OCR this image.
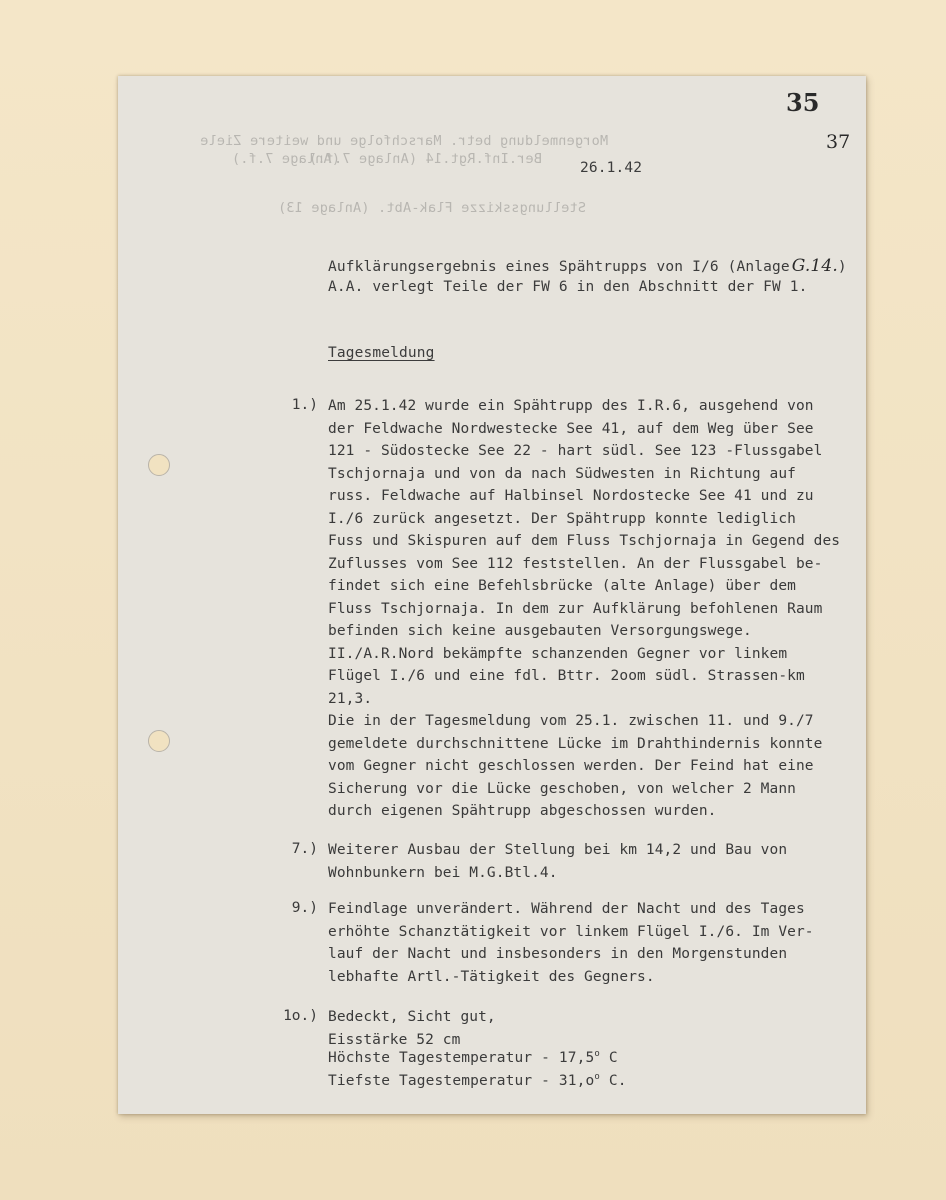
35
37
Morgenmeldung betr. Marschfolge und weitere Ziele
(Anlage 7.f.)
Ber.Inf.Rgt.14 (Anlage 7.f.)
Stellungsskizze Flak-Abt. (Anlage 13)
26.1.42
Aufklärungsergebnis eines Spähtrupps von I/6 (Anlage G.14.)
A.A. verlegt Teile der FW 6 in den Abschnitt der FW 1.
Tagesmeldung
1.) Am 25.1.42 wurde ein Spähtrupp des I.R.6, ausgehend von
der Feldwache Nordwestecke See 41, auf dem Weg über See
121 - Südostecke See 22 - hart südl. See 123 -Flussgabel
Tschjornaja und von da nach Südwesten in Richtung auf
russ. Feldwache auf Halbinsel Nordostecke See 41 und zu
I./6 zurück angesetzt. Der Spähtrupp konnte lediglich
Fuss und Skispuren auf dem Fluss Tschjornaja in Gegend des
Zuflusses vom See 112 feststellen. An der Flussgabel be-
findet sich eine Befehlsbrücke (alte Anlage) über dem
Fluss Tschjornaja. In dem zur Aufklärung befohlenen Raum
befinden sich keine ausgebauten Versorgungswege.
II./A.R.Nord bekämpfte schanzenden Gegner vor linkem
Flügel I./6 und eine fdl. Bttr. 2oom südl. Strassen-km
21,3.
Die in der Tagesmeldung vom 25.1. zwischen 11. und 9./7
gemeldete durchschnittene Lücke im Drahthindernis konnte
vom Gegner nicht geschlossen werden. Der Feind hat eine
Sicherung vor die Lücke geschoben, von welcher 2 Mann
durch eigenen Spähtrupp abgeschossen wurden.
7.) Weiterer Ausbau der Stellung bei km 14,2 und Bau von
Wohnbunkern bei M.G.Btl.4.
9.) Feindlage unverändert. Während der Nacht und des Tages
erhöhte Schanztätigkeit vor linkem Flügel I./6. Im Ver-
lauf der Nacht und insbesonders in den Morgenstunden
lebhafte Artl.-Tätigkeit des Gegners.
1o.) Bedeckt, Sicht gut,
Eisstärke 52 cm
Höchste Tagestemperatur - 17,5$^o$ C
Tiefste Tagestemperatur - $31,o^o$ C.
